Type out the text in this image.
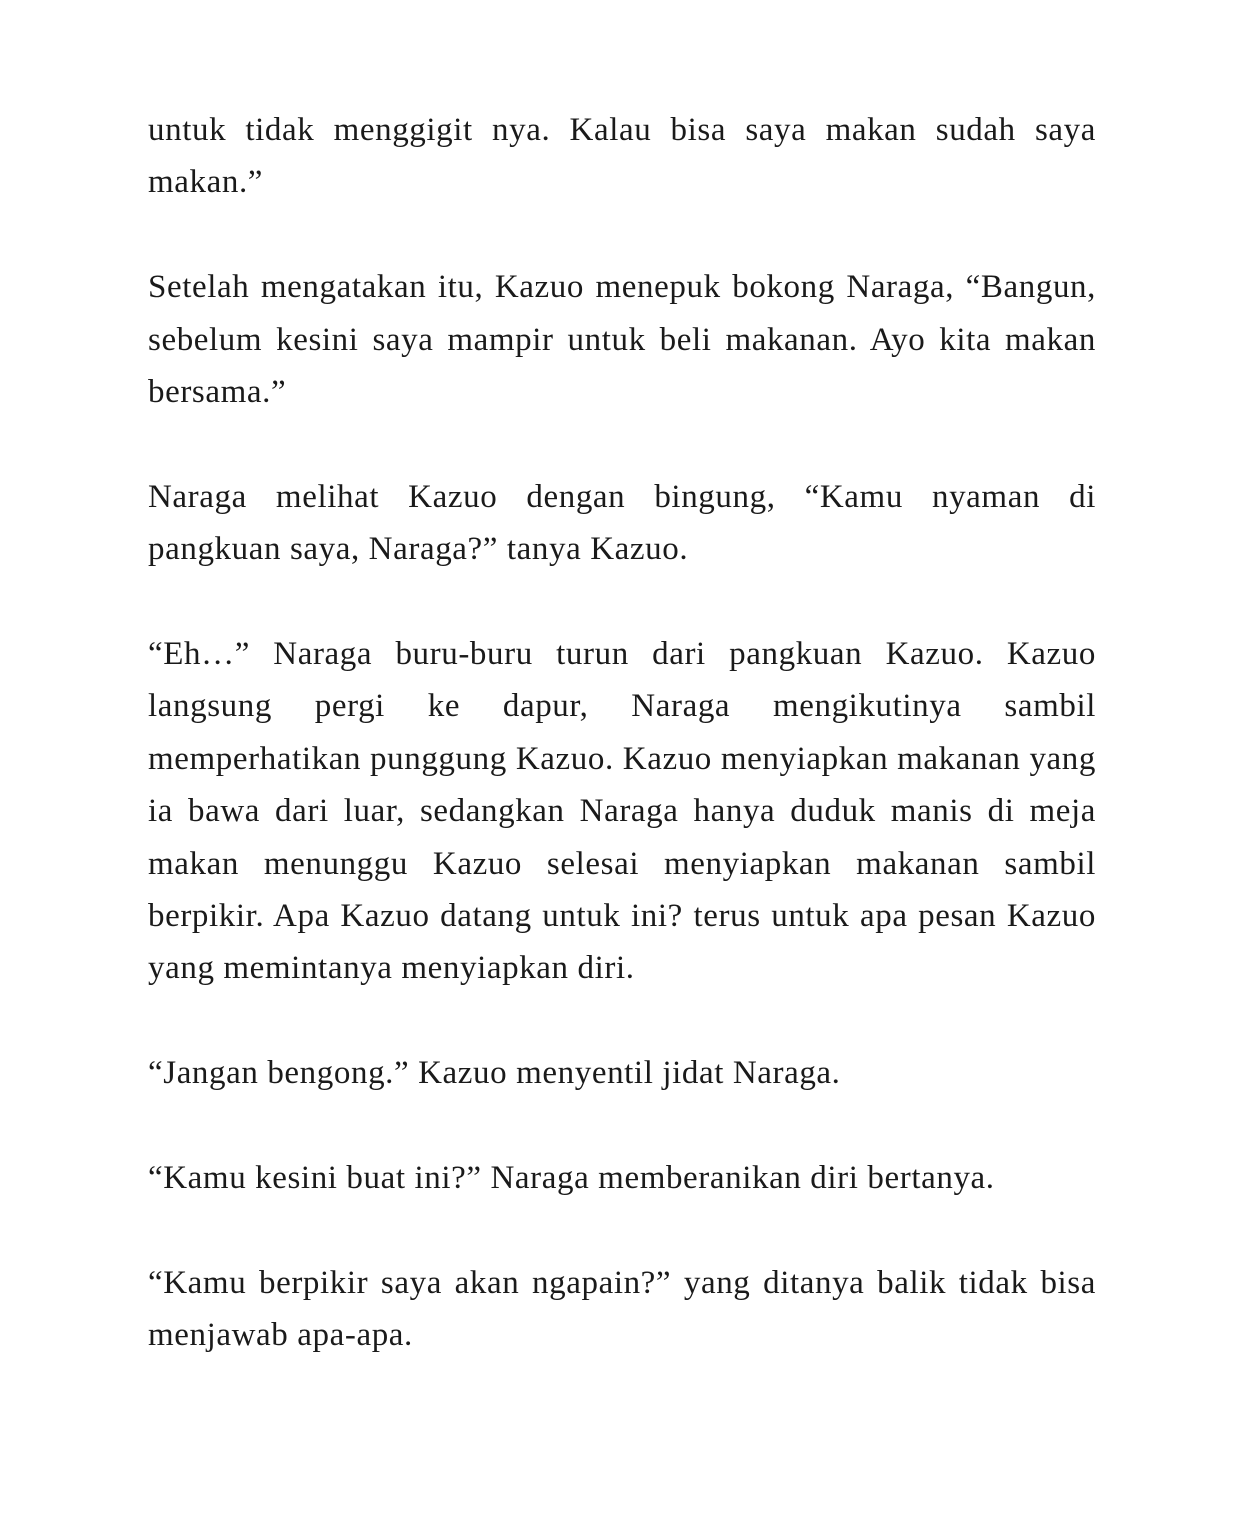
untuk tidak menggigit nya. Kalau bisa saya makan sudah saya makan.”

Setelah mengatakan itu, Kazuo menepuk bokong Naraga, “Bangun, sebelum kesini saya mampir untuk beli makanan. Ayo kita makan bersama.”

Naraga melihat Kazuo dengan bingung, “Kamu nyaman di pangkuan saya, Naraga?” tanya Kazuo.

“Eh…” Naraga buru-buru turun dari pangkuan Kazuo. Kazuo langsung pergi ke dapur, Naraga mengikutinya sambil memperhatikan punggung Kazuo. Kazuo menyiapkan makanan yang ia bawa dari luar, sedangkan Naraga hanya duduk manis di meja makan menunggu Kazuo selesai menyiapkan makanan sambil berpikir. Apa Kazuo datang untuk ini? terus untuk apa pesan Kazuo yang memintanya menyiapkan diri.

“Jangan bengong.” Kazuo menyentil jidat Naraga.

“Kamu kesini buat ini?” Naraga memberanikan diri bertanya.

“Kamu berpikir saya akan ngapain?” yang ditanya balik tidak bisa menjawab apa-apa.
